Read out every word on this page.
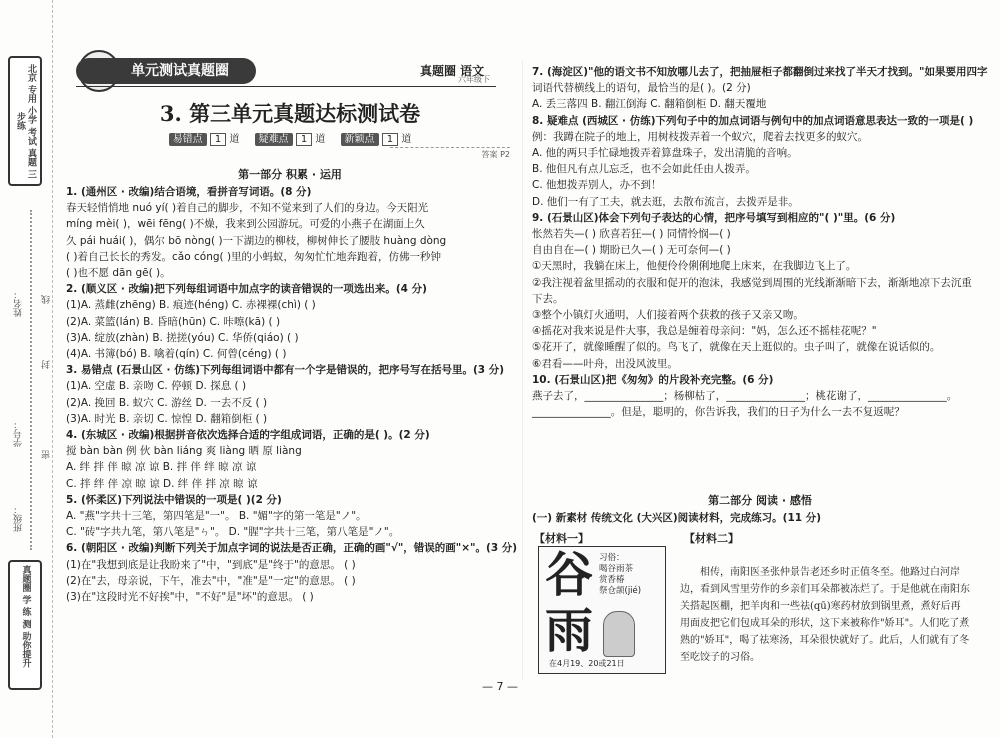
北京 专用 小学 考试 真题 三步练
班级：
学号：
线
姓名：
封
密
真题圈 学 练 测 助你提升
单元测试真题圈	真题圈 语文
六年级下
3. 第三单元真题达标测试卷
易错点 1 道 疑难点 1 道 新颖点 1 道
答案 P2
第一部分 积累 · 运用

1. (通州区 · 改编)结合语境，看拼音写词语。(8 分)

春天轻悄悄地 nuó yí( )着自己的脚步，不知不觉来到了人们的身边。今天阳光

míng mèi( )，wēi fēng( )不燥，我来到公园游玩。可爱的小燕子在湖面上久

久 pái huái( )，偶尔 bō nòng( )一下湖边的柳枝，柳树伸长了腰肢 huàng dòng

( )着自己长长的秀发。cǎo cóng( )里的小蚂蚁，匆匆忙忙地奔跑着，仿佛一秒钟

( )也不愿 dān gē( )。

2. (顺义区 · 改编)把下列每组词语中加点字的读音错误的一项选出来。(4 分)

(1)A. 蒸雌(zhēng) B. 痕迹(héng) C. 赤裸裸(chì) ( )

(2)A. 菜篮(lán) B. 昏暗(hūn) C. 咔嚓(kā) ( )

(3)A. 绽放(zhàn) B. 搓搓(yóu) C. 华侨(qiáo) ( )

(4)A. 书簿(bó) B. 噙着(qín) C. 何曾(céng) ( )

3. 易错点 (石景山区 · 仿练)下列每组词语中都有一个字是错误的，把序号写在括号里。(3 分)

(1)A. 空虚 B. 亲吻 C. 停顿 D. 探息 ( )

(2)A. 挽回 B. 蚁穴 C. 游丝 D. 一去不反 ( )

(3)A. 时光 B. 亲切 C. 惊惶 D. 翻箱倒柜 ( )

4. (东城区 · 改编)根据拼音依次选择合适的字组成词语，正确的是( )。(2 分)

搅 bàn bàn 例 伙 bàn liáng 爽 liàng 晒 原 liàng

A. 绊 拌 伴 晾 凉 谅 B. 拌 伴 绊 晾 凉 谅

C. 拌 绊 伴 凉 晾 谅 D. 绊 伴 拌 凉 晾 谅

5. (怀柔区)下列说法中错误的一项是( )(2 分)

A. "燕"字共十三笔，第四笔是"一"。 B. "媚"字的第一笔是"ノ"。

C. "砖"字共九笔，第八笔是"ㄣ"。 D. "腥"字共十三笔，第八笔是"ノ"。

6. (朝阳区 · 改编)判断下列关于加点字词的说法是否正确，正确的画"√"，错误的画"×"。(3 分)

(1)在"我想到底是让我盼来了"中，"到底"是"终于"的意思。 ( )

(2)在"去，母亲说，下午，准去"中，"准"是"一定"的意思。 ( )

(3)在"这段时光不好挨"中，"不好"是"坏"的意思。 ( )

7. (海淀区)"他的语文书不知放哪儿去了，把抽屉柜子都翻倒过来找了半天才找到。"如果要用四字

词语代替横线上的语句，最恰当的是( )。(2 分)

A. 丢三落四 B. 翻江倒海 C. 翻箱倒柜 D. 翻天覆地

8. 疑难点 (西城区 · 仿练)下列句子中的加点词语与例句中的加点词语意思表达一致的一项是( )

例：我蹲在院子的地上，用树枝拨弄着一个蚁穴，爬着去找更多的蚁穴。

A. 他的两只手忙碌地拨弄着算盘珠子，发出清脆的音响。

B. 他但凡有点儿忘乏，也不会如此任由人拨弄。

C. 他想拨弄别人，办不到！

D. 他们一有了工夫，就去逛，去散布流言，去拨弄是非。

9. (石景山区)体会下列句子表达的心情，把序号填写到相应的"( )"里。(6 分)

怅然若失—( ) 欣喜若狂—( ) 同情怜悯—( )

自由自在—( ) 期盼已久—( ) 无可奈何—( )

①天黑时，我躺在床上，他便伶伶俐俐地爬上床来，在我脚边飞上了。

②我注视着盆里摇动的衣服和促开的泡沫，我感觉到周围的光线渐渐暗下去，渐渐地凉下去沉重

下去。

③整个小镇灯火通明，人们接着两个获救的孩子又亲又吻。

④摇花对我来说是件大事，我总是缠着母亲问："妈，怎么还不摇桂花呢？"

⑤花开了，就像睡醒了似的。鸟飞了，就像在天上逛似的。虫子叫了，就像在说话似的。

⑥君看——叶舟，出没风波里。

10. (石景山区)把《匆匆》的片段补充完整。(6 分)

燕子去了，_______________；杨柳枯了，_______________；桃花谢了，_______________。

_______________。但是，聪明的，你告诉我，我们的日子为什么一去不复返呢？

第二部分 阅读 · 感悟

(一) 新素材 传统文化 (大兴区)阅读材料，完成练习。(11 分)

【材料一】	【材料二】
谷
雨
习俗：
喝谷雨茶
赏香椿
祭仓颉(jié)
在4月19、20或21日
相传，南阳医圣张仲景告老还乡时正值冬至。他路过白河岸边，看到风雪里劳作的乡亲们耳朵都被冻烂了。于是他就在南阳东关搭起医棚，把羊肉和一些祛(qū)寒药材放到锅里煮，煮好后再用面皮把它们包成耳朵的形状，这下来被称作"娇耳"。人们吃了煮熟的"娇耳"，喝了祛寒汤，耳朵很快就好了。此后，人们就有了冬至吃饺子的习俗。
— 7 —
